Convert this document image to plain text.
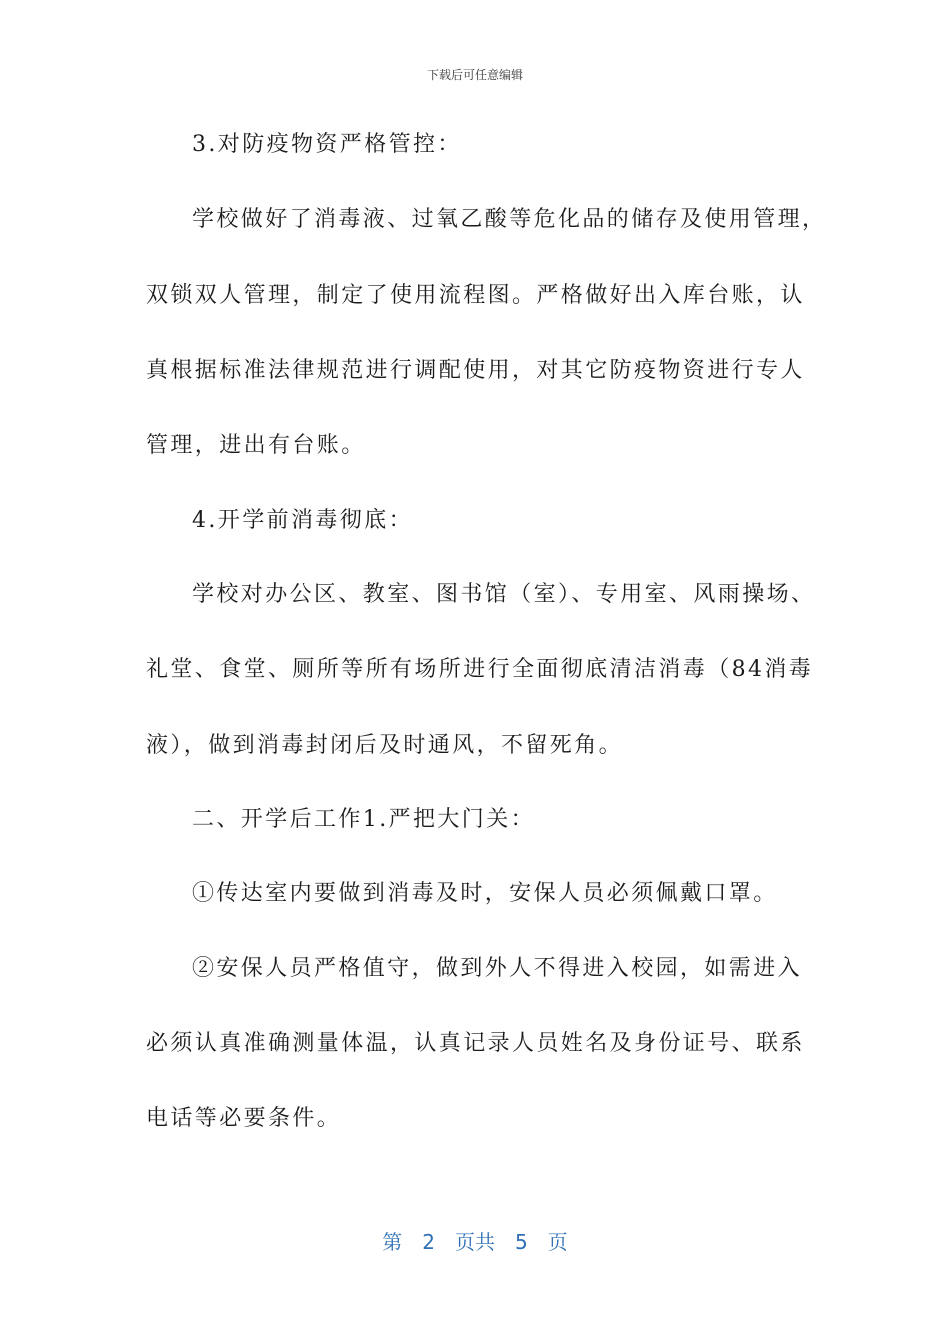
下载后可任意编辑
3.对防疫物资严格管控：
学校做好了消毒液、过氧乙酸等危化品的储存及使用管理，
双锁双人管理，制定了使用流程图。严格做好出入库台账，认
真根据标准法律规范进行调配使用，对其它防疫物资进行专人
管理，进出有台账。
4.开学前消毒彻底：
学校对办公区、教室、图书馆（室）、专用室、风雨操场、
礼堂、食堂、厕所等所有场所进行全面彻底清洁消毒（84消毒
液），做到消毒封闭后及时通风，不留死角。
二、开学后工作1.严把大门关：
①传达室内要做到消毒及时，安保人员必须佩戴口罩。
②安保人员严格值守，做到外人不得进入校园，如需进入
必须认真准确测量体温，认真记录人员姓名及身份证号、联系
电话等必要条件。
第 2 页共 5 页
